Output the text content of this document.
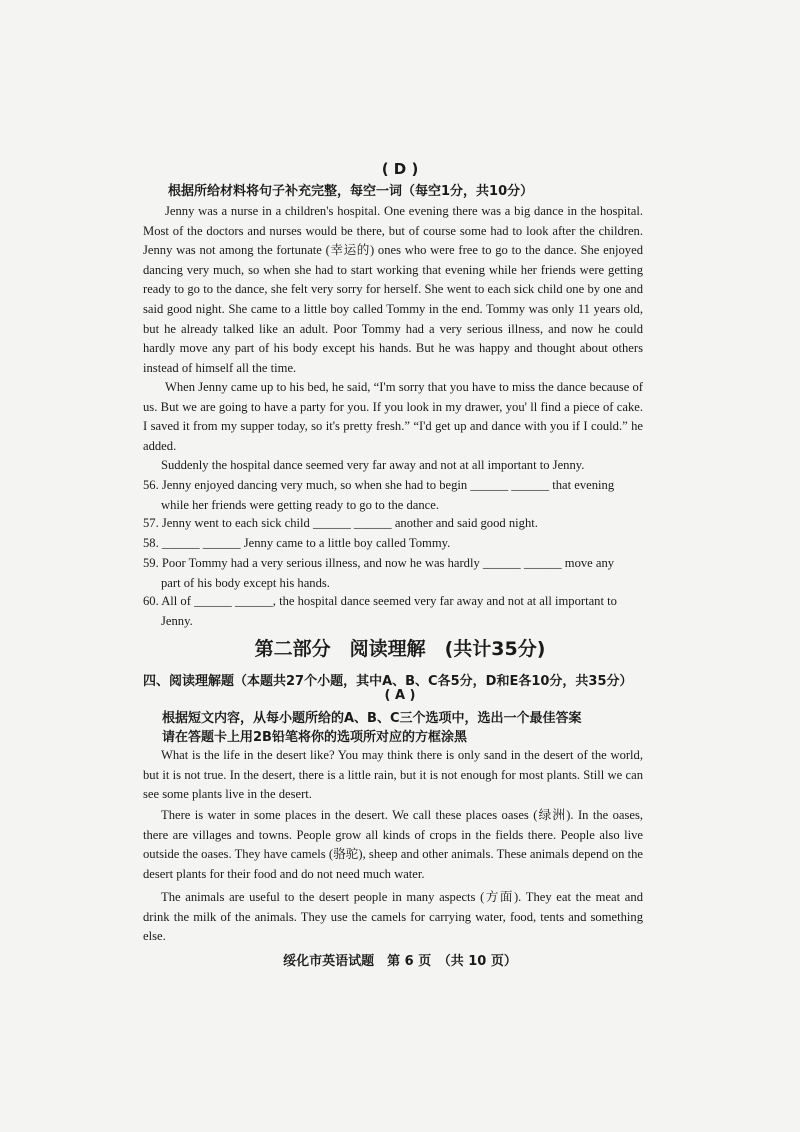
( D )
根据所给材料将句子补充完整，每空一词（每空1分，共10分）

Jenny was a nurse in a children's hospital. One evening there was a big dance in the hospital. Most of the doctors and nurses would be there, but of course some had to look after the children. Jenny was not among the fortunate (幸运的) ones who were free to go to the dance. She enjoyed dancing very much, so when she had to start working that evening while her friends were getting ready to go to the dance, she felt very sorry for herself. She went to each sick child one by one and said good night. She came to a little boy called Tommy in the end. Tommy was only 11 years old, but he already talked like an adult. Poor Tommy had a very serious illness, and now he could hardly move any part of his body except his hands. But he was happy and thought about others instead of himself all the time.

When Jenny came up to his bed, he said, “I'm sorry that you have to miss the dance because of us. But we are going to have a party for you. If you look in my drawer, you' ll find a piece of cake. I saved it from my supper today, so it's pretty fresh.” “I'd get up and dance with you if I could.” he added.

Suddenly the hospital dance seemed very far away and not at all important to Jenny.

56. Jenny enjoyed dancing very much, so when she had to begin ______ ______ that evening
while her friends were getting ready to go to the dance.
57. Jenny went to each sick child ______ ______ another and said good night.
58. ______ ______ Jenny came to a little boy called Tommy.
59. Poor Tommy had a very serious illness, and now he was hardly ______ ______ move any
part of his body except his hands.
60. All of ______ ______, the hospital dance seemed very far away and not at all important to
Jenny.
第二部分　阅读理解　(共计35分)
四、阅读理解题（本题共27个小题，其中A、B、C各5分，D和E各10分，共35分）
( A )
根据短文内容，从每小题所给的A、B、C三个选项中，选出一个最佳答案
请在答题卡上用2B铅笔将你的选项所对应的方框涂黑

What is the life in the desert like? You may think there is only sand in the desert of the world, but it is not true. In the desert, there is a little rain, but it is not enough for most plants. Still we can see some plants live in the desert.

There is water in some places in the desert. We call these places oases (绿洲). In the oases, there are villages and towns. People grow all kinds of crops in the fields there. People also live outside the oases. They have camels (骆驼), sheep and other animals. These animals depend on the desert plants for their food and do not need much water.

The animals are useful to the desert people in many aspects (方面). They eat the meat and drink the milk of the animals. They use the camels for carrying water, food, tents and something else.

绥化市英语试题　第 6 页　（共 10 页）
